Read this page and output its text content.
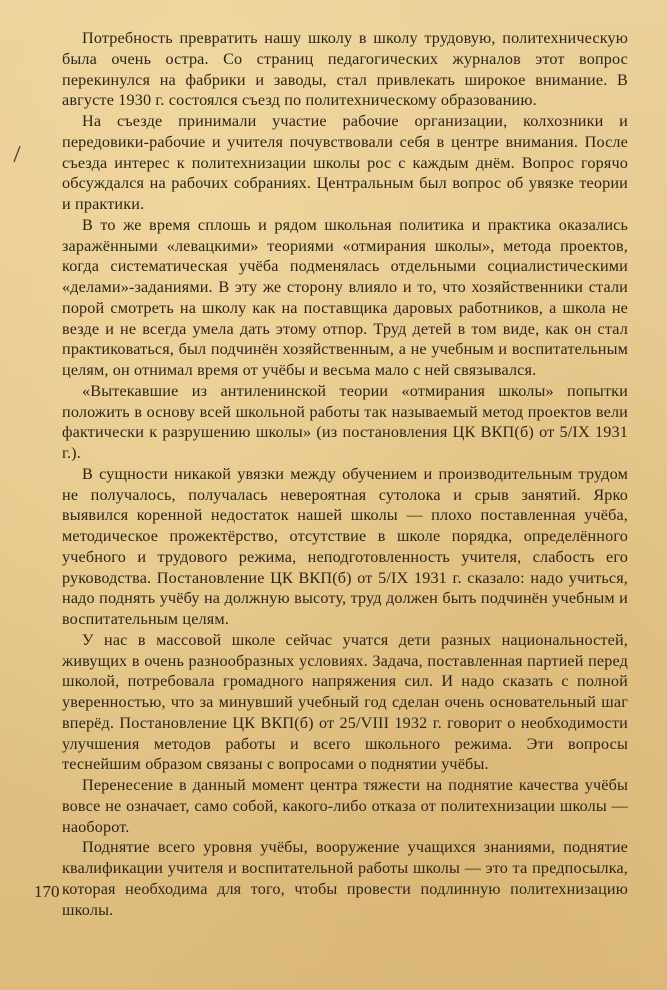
Потребность превратить нашу школу в школу трудовую, политехническую была очень остра. Со страниц педагогических журналов этот вопрос перекинулся на фабрики и заводы, стал привлекать широкое внимание. В августе 1930 г. состоялся съезд по политехническому образованию.

На съезде принимали участие рабочие организации, колхозники и передовики-рабочие и учителя почувствовали себя в центре внимания. После съезда интерес к политехнизации школы рос с каждым днём. Вопрос горячо обсуждался на рабочих собраниях. Центральным был вопрос об увязке теории и практики.

В то же время сплошь и рядом школьная политика и практика оказались заражёнными «левацкими» теориями «отмирания школы», метода проектов, когда систематическая учёба подменялась отдельными социалистическими «делами»-заданиями. В эту же сторону влияло и то, что хозяйственники стали порой смотреть на школу как на поставщика даровых работников, а школа не везде и не всегда умела дать этому отпор. Труд детей в том виде, как он стал практиковаться, был подчинён хозяйственным, а не учебным и воспитательным целям, он отнимал время от учёбы и весьма мало с ней связывался.

«Вытекавшие из антиленинской теории «отмирания школы» попытки положить в основу всей школьной работы так называемый метод проектов вели фактически к разрушению школы» (из постановления ЦК ВКП(б) от 5/IX 1931 г.).

В сущности никакой увязки между обучением и производительным трудом не получалось, получалась невероятная сутолока и срыв занятий. Ярко выявился коренной недостаток нашей школы — плохо поставленная учёба, методическое прожектёрство, отсутствие в школе порядка, определённого учебного и трудового режима, неподготовленность учителя, слабость его руководства. Постановление ЦК ВКП(б) от 5/IX 1931 г. сказало: надо учиться, надо поднять учёбу на должную высоту, труд должен быть подчинён учебным и воспитательным целям.

У нас в массовой школе сейчас учатся дети разных национальностей, живущих в очень разнообразных условиях. Задача, поставленная партией перед школой, потребовала громадного напряжения сил. И надо сказать с полной уверенностью, что за минувший учебный год сделан очень основательный шаг вперёд. Постановление ЦК ВКП(б) от 25/VIII 1932 г. говорит о необходимости улучшения методов работы и всего школьного режима. Эти вопросы теснейшим образом связаны с вопросами о поднятии учёбы.

Перенесение в данный момент центра тяжести на поднятие качества учёбы вовсе не означает, само собой, какого-либо отказа от политехнизации школы — наоборот.

Поднятие всего уровня учёбы, вооружение учащихся знаниями, поднятие квалификации учителя и воспитательной работы школы — это та предпосылка, которая необходима для того, чтобы провести подлинную политехнизацию школы.

170
